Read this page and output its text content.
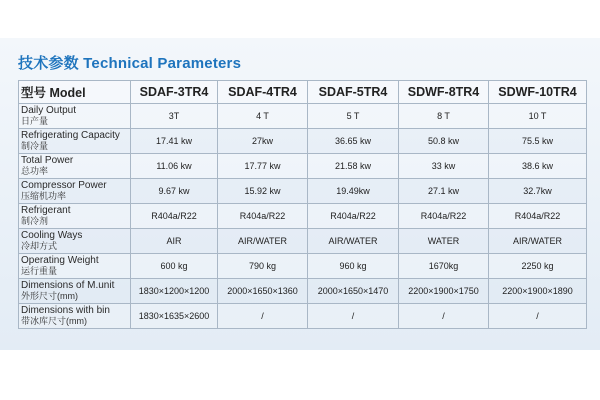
技术参数 Technical Parameters
型号 Model	SDAF-3TR4	SDAF-4TR4	SDAF-5TR4	SDWF-8TR4	SDWF-10TR4

Daily Output
日产量	3T	4 T	5 T	8 T	10 T

Refrigerating Capacity
制冷量	17.41 kw	27kw	36.65 kw	50.8 kw	75.5 kw

Total Power
总功率	11.06 kw	17.77 kw	21.58 kw	33 kw	38.6 kw

Compressor Power
压缩机功率	9.67 kw	15.92 kw	19.49kw	27.1 kw	32.7kw

Refrigerant
制冷剂	R404a/R22	R404a/R22	R404a/R22	R404a/R22	R404a/R22

Cooling Ways
冷却方式	AIR	AIR/WATER	AIR/WATER	WATER	AIR/WATER

Operating Weight
运行重量	600 kg	790 kg	960 kg	1670kg	2250 kg

Dimensions of M.unit
外形尺寸(mm)	1830×1200×1200	2000×1650×1360	2000×1650×1470	2200×1900×1750	2200×1900×1890

Dimensions with bin
带冰库尺寸(mm)	1830×1635×2600	/	/	/	/
